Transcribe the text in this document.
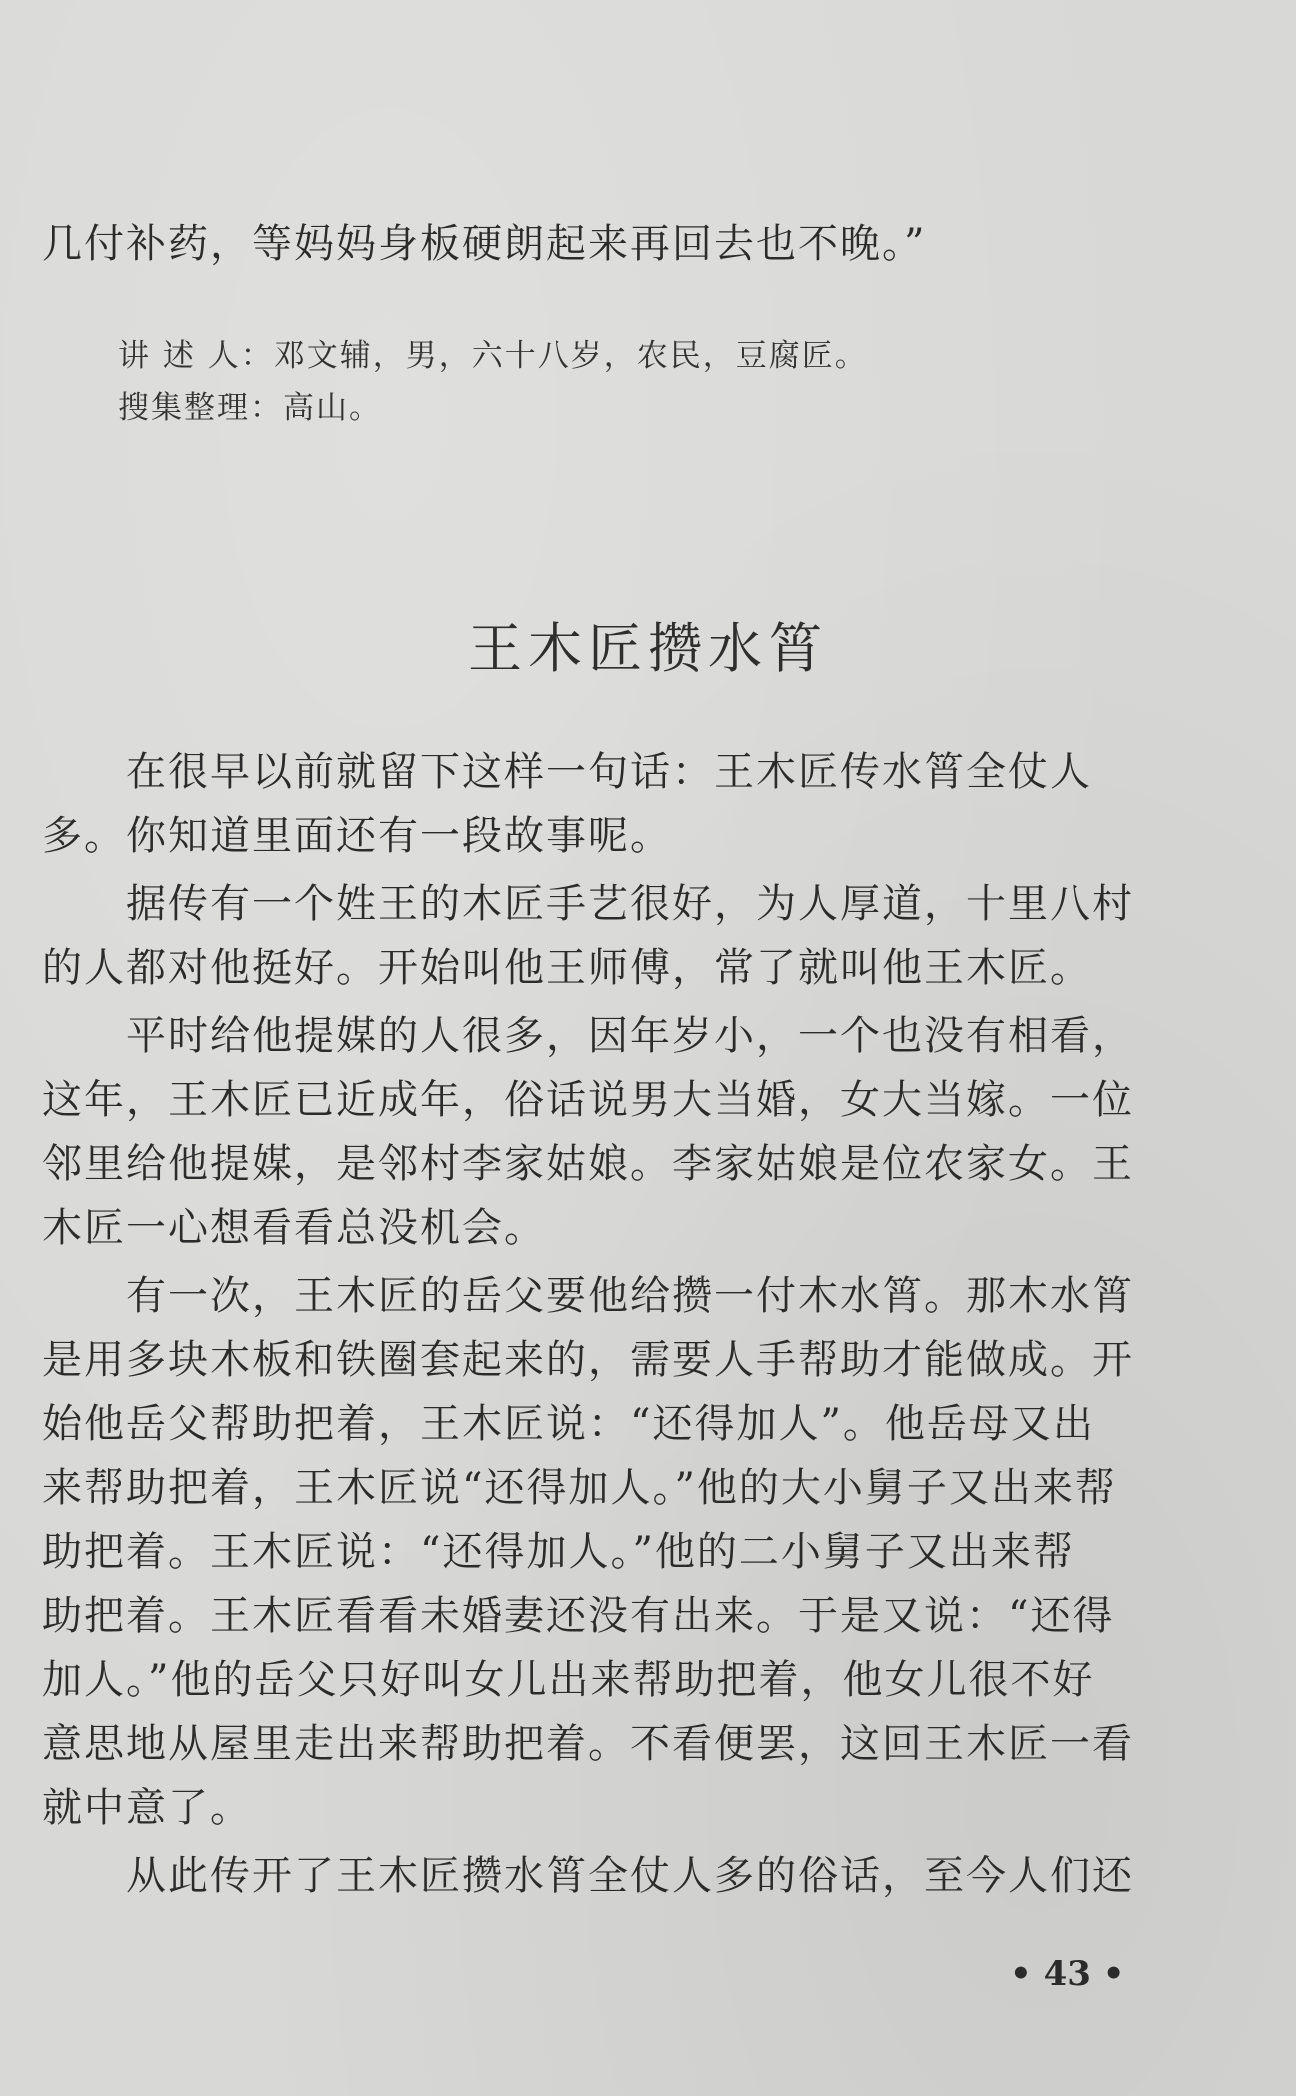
几付补药，等妈妈身板硬朗起来再回去也不晚。”
讲 述 人：邓文辅，男，六十八岁，农民，豆腐匠。
搜集整理：高山。
王木匠攒水筲
　　在很早以前就留下这样一句话：王木匠传水筲全仗人
多。你知道里面还有一段故事呢。
　　据传有一个姓王的木匠手艺很好，为人厚道，十里八村
的人都对他挺好。开始叫他王师傅，常了就叫他王木匠。
　　平时给他提媒的人很多，因年岁小，一个也没有相看，
这年，王木匠已近成年，俗话说男大当婚，女大当嫁。一位
邻里给他提媒，是邻村李家姑娘。李家姑娘是位农家女。王
木匠一心想看看总没机会。
　　有一次，王木匠的岳父要他给攒一付木水筲。那木水筲
是用多块木板和铁圈套起来的，需要人手帮助才能做成。开
始他岳父帮助把着，王木匠说：“还得加人”。他岳母又出
来帮助把着，王木匠说“还得加人。”他的大小舅子又出来帮
助把着。王木匠说：“还得加人。”他的二小舅子又出来帮
助把着。王木匠看看未婚妻还没有出来。于是又说：“还得
加人。”他的岳父只好叫女儿出来帮助把着，他女儿很不好
意思地从屋里走出来帮助把着。不看便罢，这回王木匠一看
就中意了。
　　从此传开了王木匠攒水筲全仗人多的俗话，至今人们还
• 43 •
